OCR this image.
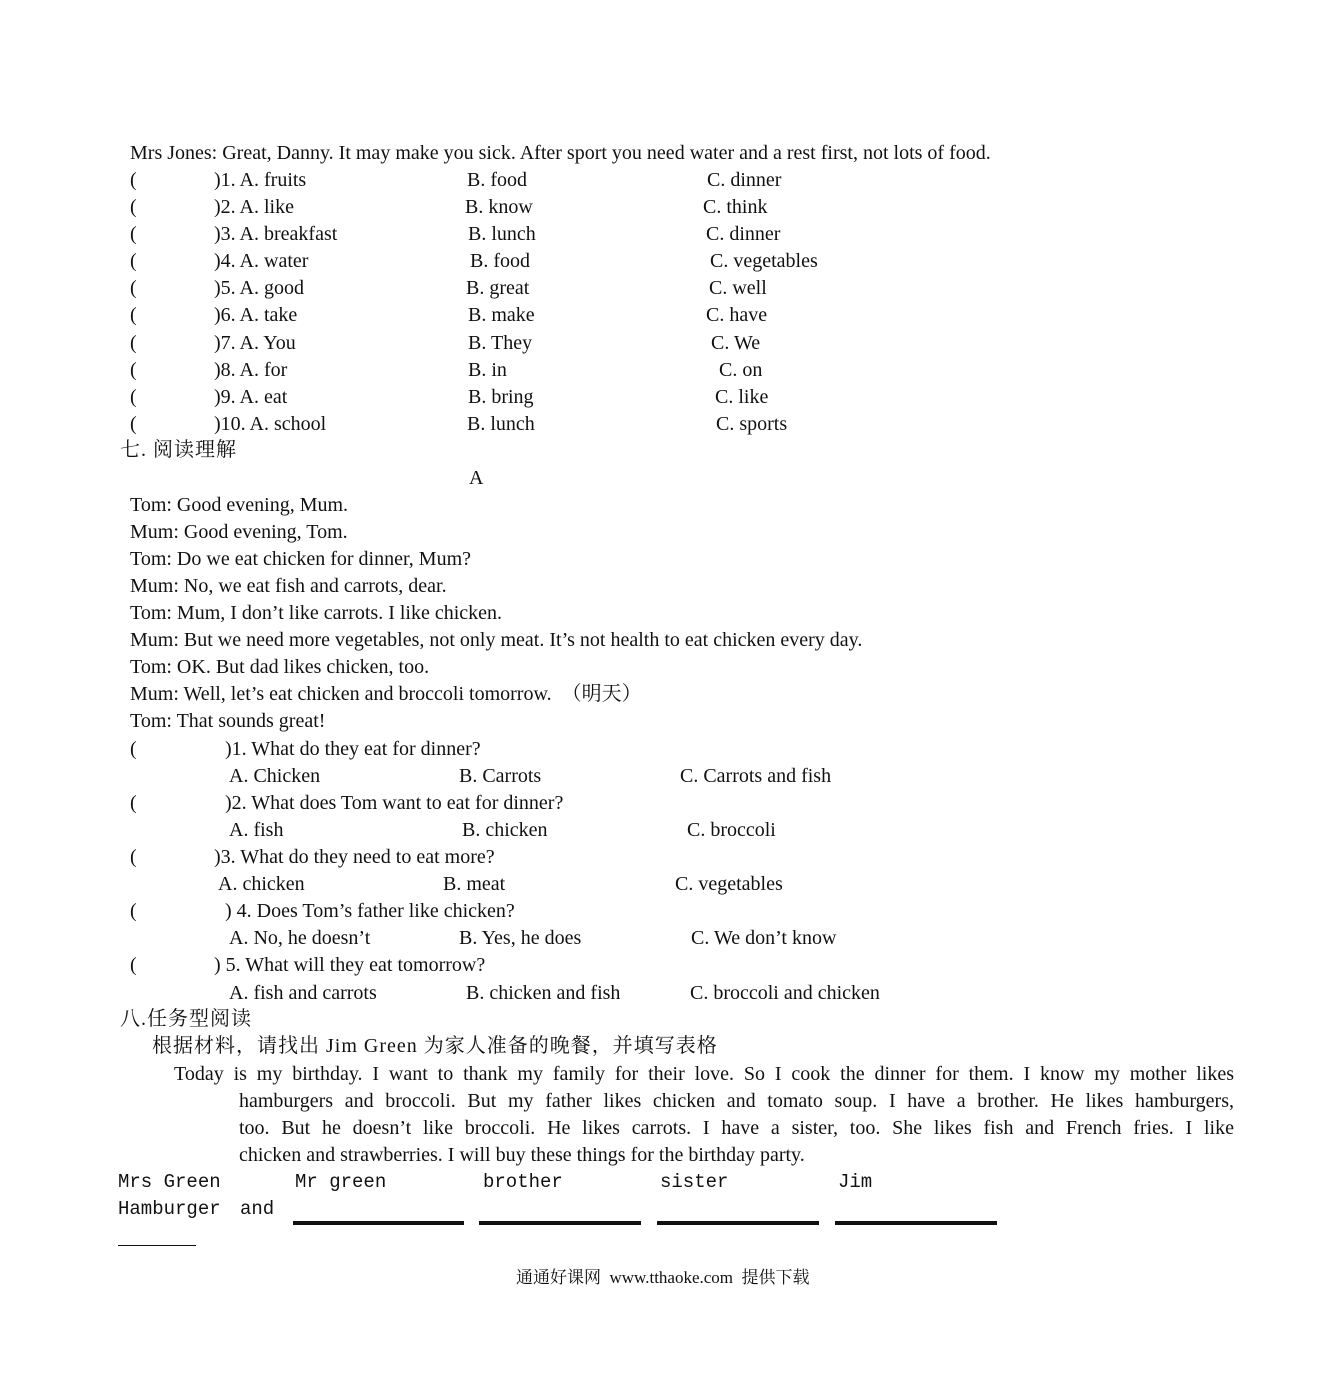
Mrs Jones: Great, Danny. It may make you sick. After sport you need water and a rest first, not lots of food.
(	)1. A. fruits	B. food	C. dinner
(	)2. A. like	B. know	C. think
(	)3. A. breakfast	B. lunch	C. dinner
(	)4. A. water	B. food	C. vegetables
(	)5. A. good	B. great	C. well
(	)6. A. take	B. make	C. have
(	)7. A. You	B. They	C. We
(	)8. A. for	B. in	C. on
(	)9. A. eat	B. bring	C. like
(	)10. A. school	B. lunch	C. sports
七. 阅读理解
A
Tom: Good evening, Mum.
Mum: Good evening, Tom.
Tom: Do we eat chicken for dinner, Mum?
Mum: No, we eat fish and carrots, dear.
Tom: Mum, I don’t like carrots. I like chicken.
Mum: But we need more vegetables, not only meat. It’s not health to eat chicken every day.
Tom: OK. But dad likes chicken, too.
Mum: Well, let’s eat chicken and broccoli tomorrow.  （明天）
Tom: That sounds great!
(	)1. What do they eat for dinner?
A. Chicken	B. Carrots	C. Carrots and fish
(	)2. What does Tom want to eat for dinner?
A. fish	B. chicken	C. broccoli
(	)3. What do they need to eat more?
A. chicken	B. meat	C. vegetables
(	) 4. Does Tom’s father like chicken?
A. No, he doesn’t	B. Yes, he does	C. We don’t know
(	) 5. What will they eat tomorrow?
A. fish and carrots	B. chicken and fish	C. broccoli and chicken
八.任务型阅读
根据材料，请找出 Jim Green 为家人准备的晚餐，并填写表格
Today is my birthday. I want to thank my family for their love. So I cook the dinner for them. I know my mother likes
hamburgers and broccoli. But my father likes chicken and tomato soup. I have a brother. He likes hamburgers,
too. But he doesn’t like broccoli. He likes carrots. I have a sister, too. She likes fish and French fries. I like
chicken and strawberries. I will buy these things for the birthday party.
Mrs Green	Mr green	brother	sister	Jim
Hamburger and
通通好课网  www.tthaoke.com  提供下载
